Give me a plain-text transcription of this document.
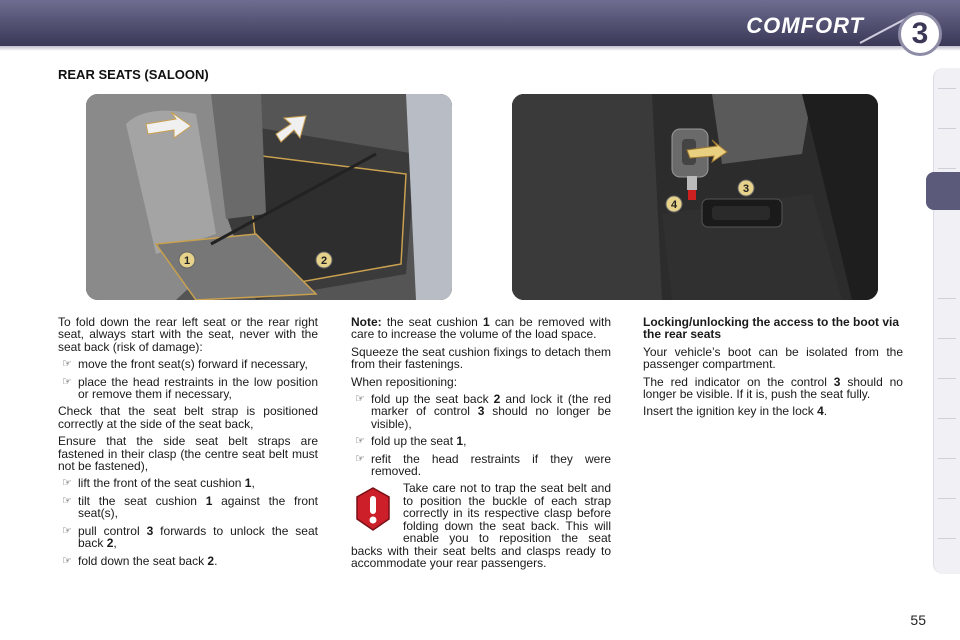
COMFORT	3
REAR SEATS (SALOON)
1	2
3
4

To fold down the rear left seat or the rear right seat, always start with the seat, never with the seat back (risk of damage):

☞ move the front seat(s) forward if necessary,
☞ place the head restraints in the low position or remove them if necessary,

Check that the seat belt strap is positioned correctly at the side of the seat back,

Ensure that the side seat belt straps are fastened in their clasp (the centre seat belt must not be fastened),

☞ lift the front of the seat cushion 1,
☞ tilt the seat cushion 1 against the front seat(s),
☞ pull control 3 forwards to unlock the seat back 2,
☞ fold down the seat back 2.

Note: the seat cushion 1 can be removed with care to increase the volume of the load space.

Squeeze the seat cushion fixings to detach them from their fastenings.

When repositioning:

☞ fold up the seat back 2 and lock it (the red marker of control 3 should no longer be visible),
☞ fold up the seat 1,
☞ refit the head restraints if they were removed.
Take care not to trap the seat belt and to position the buckle of each strap correctly in its respective clasp before folding down the seat back. This will enable you to reposition the seat backs with their seat belts and clasps ready to accommodate your rear passengers.
Locking/unlocking the access to the boot via the rear seats

Your vehicle’s boot can be isolated from the passenger compartment.

The red indicator on the control 3 should no longer be visible. If it is, push the seat fully.

Insert the ignition key in the lock 4.

55
